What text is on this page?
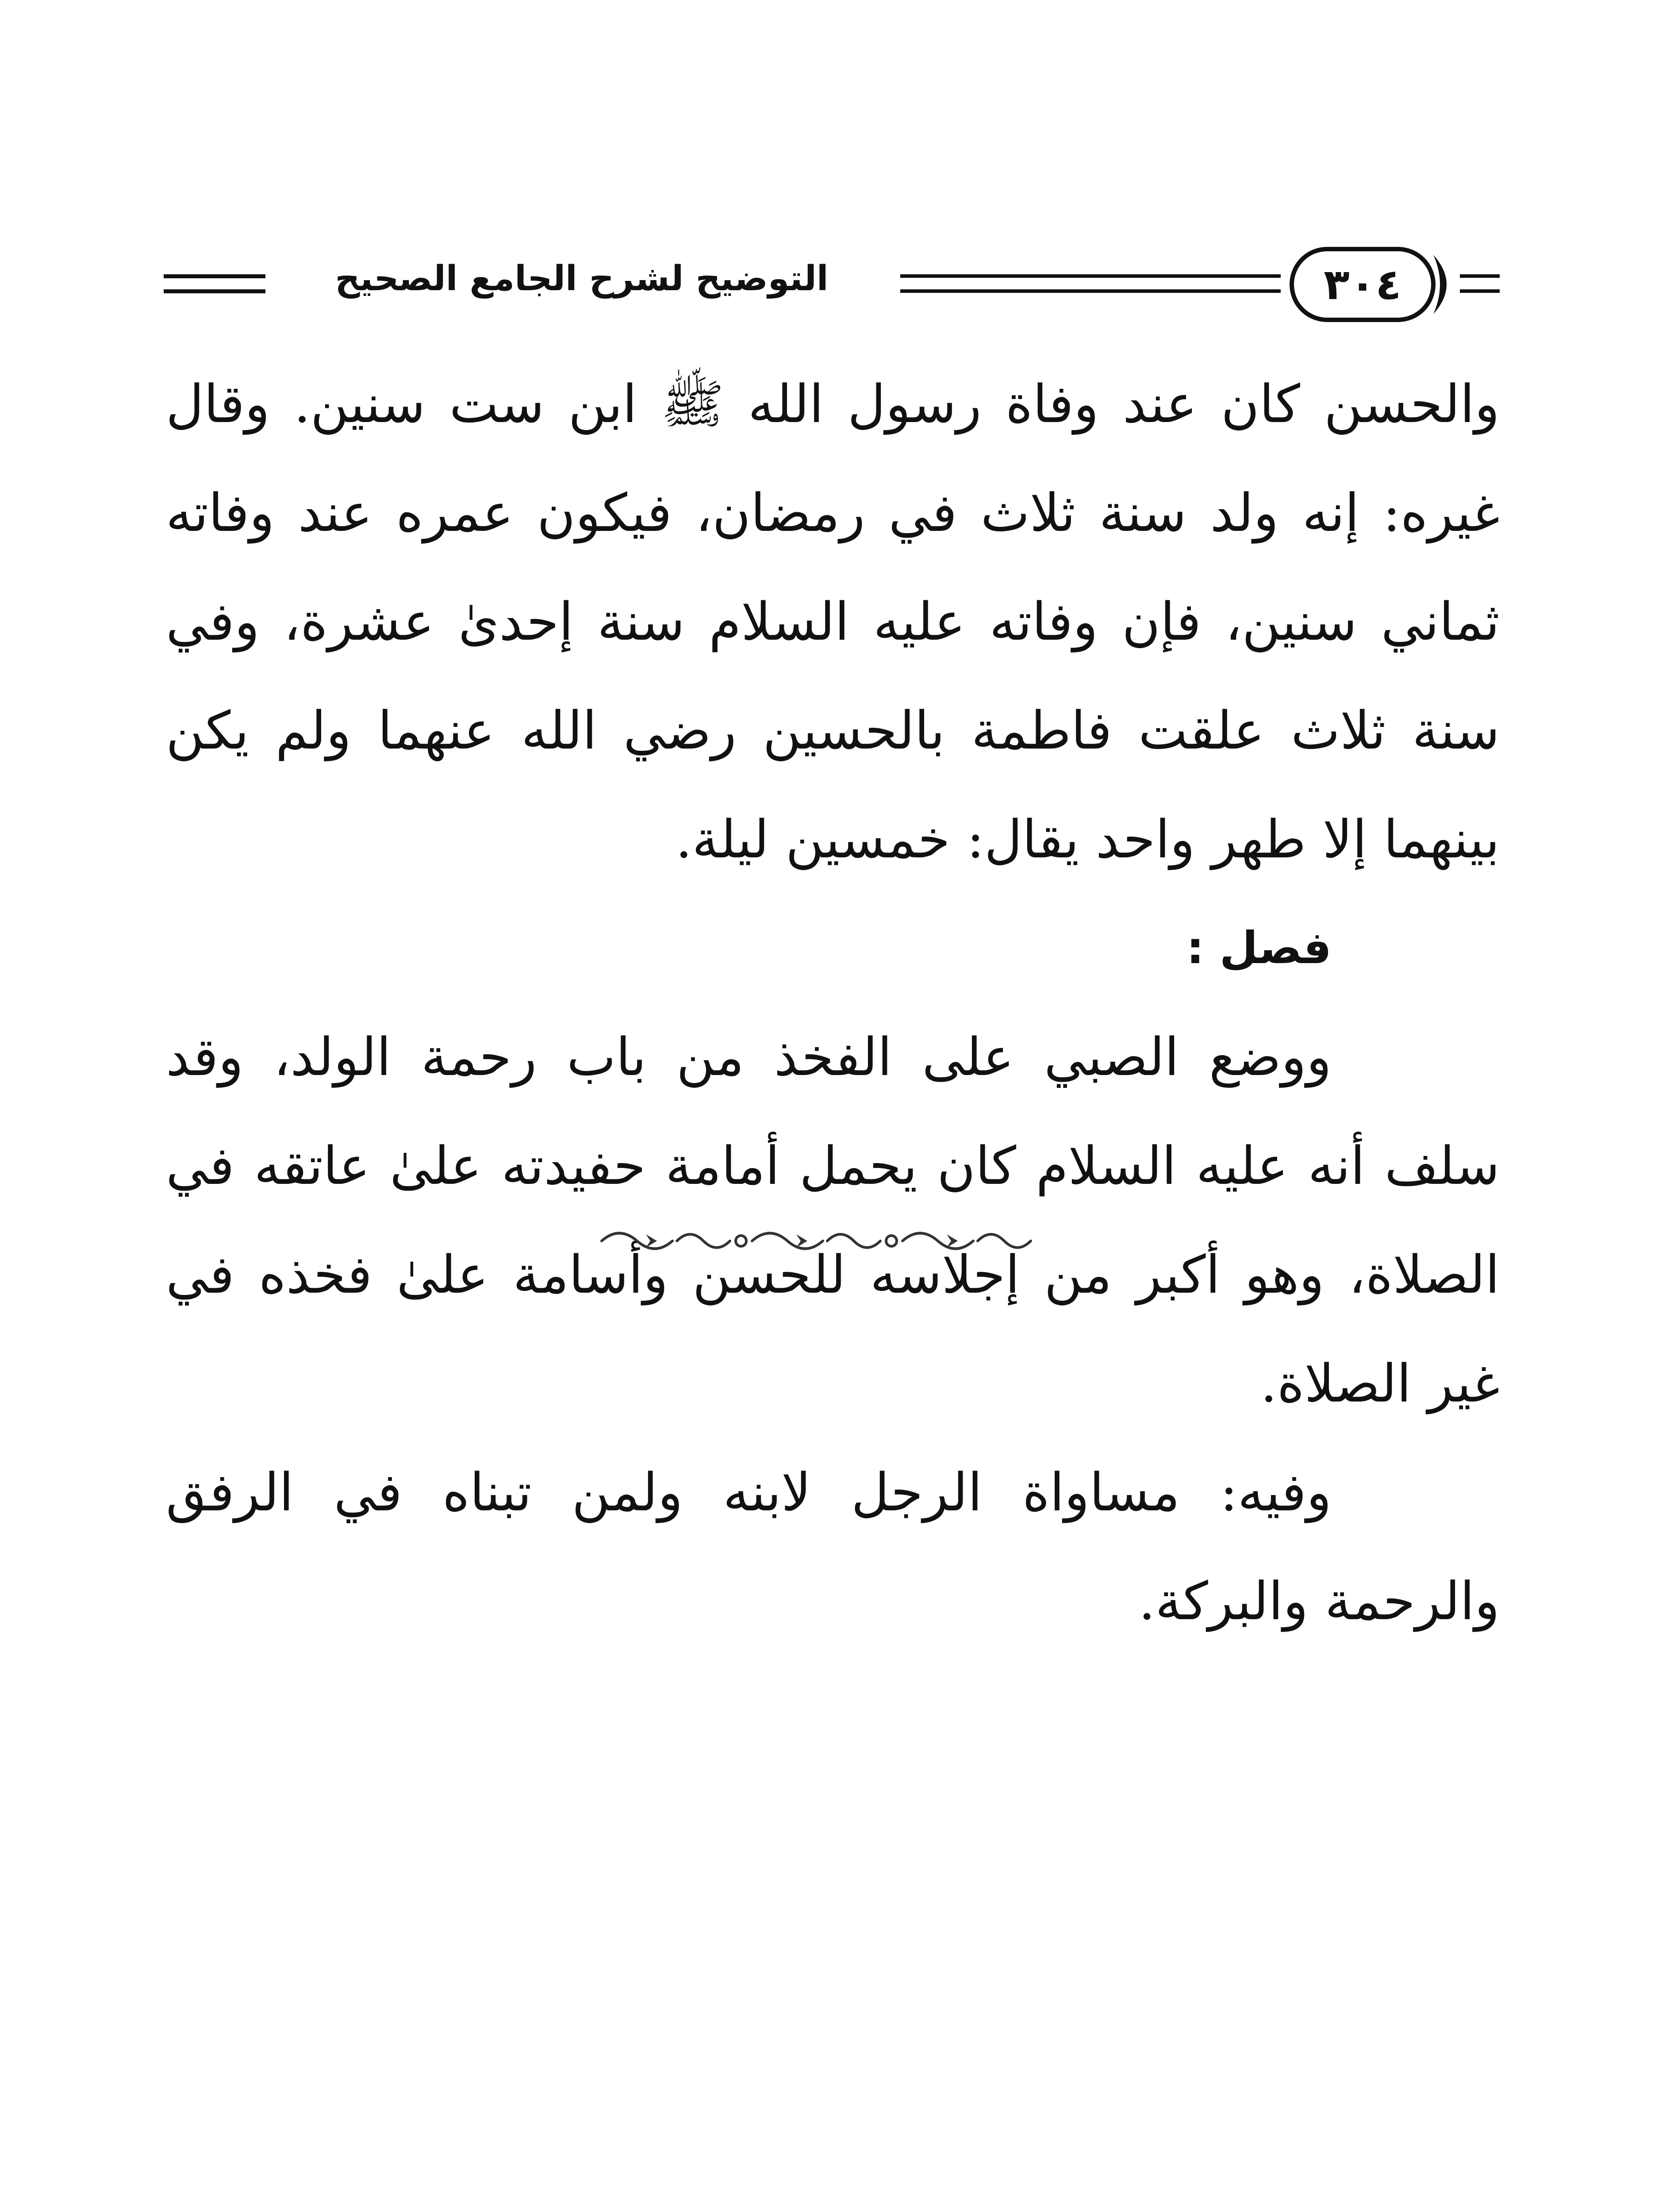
التوضيح لشرح الجامع الصحيح	٣٠٤

والحسن كان عند وفاة رسول الله ﷺ ابن ست سنين. وقال غيره: إنه ولد سنة ثلاث في رمضان، فيكون عمره عند وفاته ثماني سنين، فإن وفاته عليه السلام سنة إحدىٰ عشرة، وفي سنة ثلاث علقت فاطمة بالحسين رضي الله عنهما ولم يكن بينهما إلا طهر واحد يقال: خمسين ليلة.

فصل :

ووضع الصبي على الفخذ من باب رحمة الولد، وقد سلف أنه عليه السلام كان يحمل أمامة حفيدته علىٰ عاتقه في الصلاة، وهو أكبر من إجلاسه للحسن وأسامة علىٰ فخذه في غير الصلاة.

وفيه: مساواة الرجل لابنه ولمن تبناه في الرفق والرحمة والبركة.
